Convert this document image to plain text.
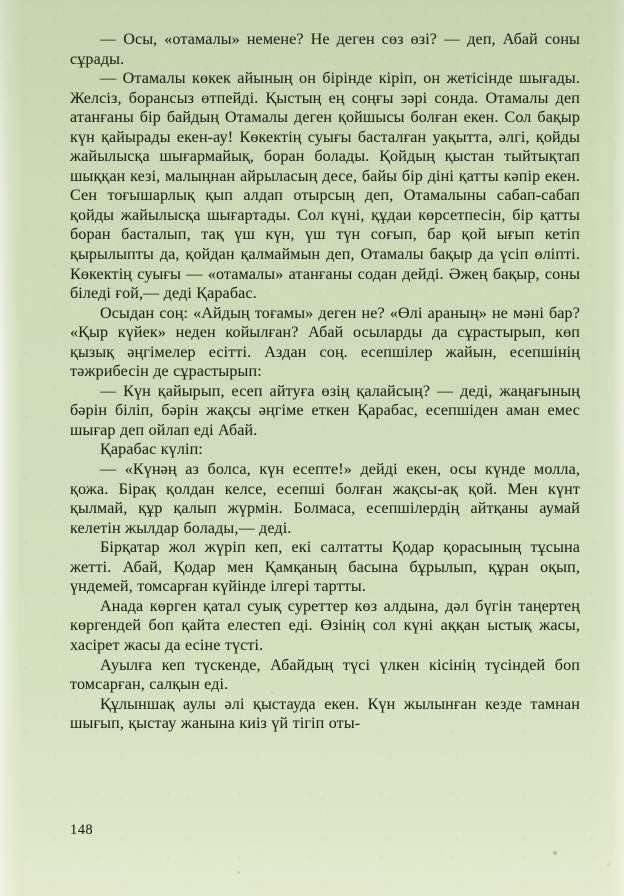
— Осы, «отамалы» немене? Не деген сөз өзі? — деп, Абай соны сұрады.

— Отамалы көкек айының он бірінде кіріп, он жетісінде шығады. Желсіз, борансыз өтпейді. Қыстың ең соңғы зәрі сонда. Отамалы деп атанғаны бір байдың Отамалы деген қойшысы болған екен. Сол бақыр күн қайырады екен-ау! Көкектің суығы басталған уақытта, әлгі, қойды жайылысқа шығармайық, боран болады. Қойдың қыстан тыйтықтап шыққан кезі, малыңнан айрыласың десе, байы бір діні қатты кәпір екен. Сен тоғышарлық қып алдап отырсың деп, Отамалыны сабап-сабап қойды жайылысқа шығартады. Сол күні, құдаи көрсетпесін, бір қатты боран басталып, тақ үш күн, үш түн соғып, бар қой ығып кетіп қырылыпты да, қойдан қалмаймын деп, Отамалы бақыр да үсіп өліпті. Көкектің суығы — «отамалы» атанғаны содан дейді. Әжең бақыр, соны біледі ғой,— деді Қарабас.

Осыдан соң: «Айдың тоғамы» деген не? «Өлі араның» не мәні бар? «Қыр күйек» неден койылған? Абай осыларды да сұрастырып, көп қызық әңгімелер есітті. Аздан соң. есепшілер жайын, есепшінің тәжрибесін де сұрастырып:

— Күн қайырып, есеп айтуға өзің қалайсың? — деді, жаңағының бәрін біліп, бәрін жақсы әңгіме еткен Қарабас, есепшіден аман емес шығар деп ойлап еді Абай.

Қарабас күліп:

— «Күнәң аз болса, күн есепте!» дейді екен, осы күнде молла, қожа. Бірақ қолдан келсе, есепші болған жақсы-ақ қой. Мен күнт қылмай, құр қалып жүрмін. Болмаса, есепшілердің айтқаны аумай келетін жылдар болады,— деді.

Бірқатар жол жүріп кеп, екі салтатты Қодар қорасының тұсына жетті. Абай, Қодар мен Қамқаның басына бұрылып, құран оқып, үндемей, томсарған күйінде ілгері тартты.

Анада көрген қатал суық суреттер көз алдына, дәл бүгін таңертең көргендей боп қайта елестеп еді. Өзінің сол күні аққан ыстық жасы, хасірет жасы да есіне түсті.

Ауылға кеп түскенде, Абайдың түсі үлкен кісінің түсіндей боп томсарған, салқын еді.

Құлыншақ аулы әлі қыстауда екен. Күн жылынған кезде тамнан шығып, қыстау жанына киіз үй тігіп оты-

148
